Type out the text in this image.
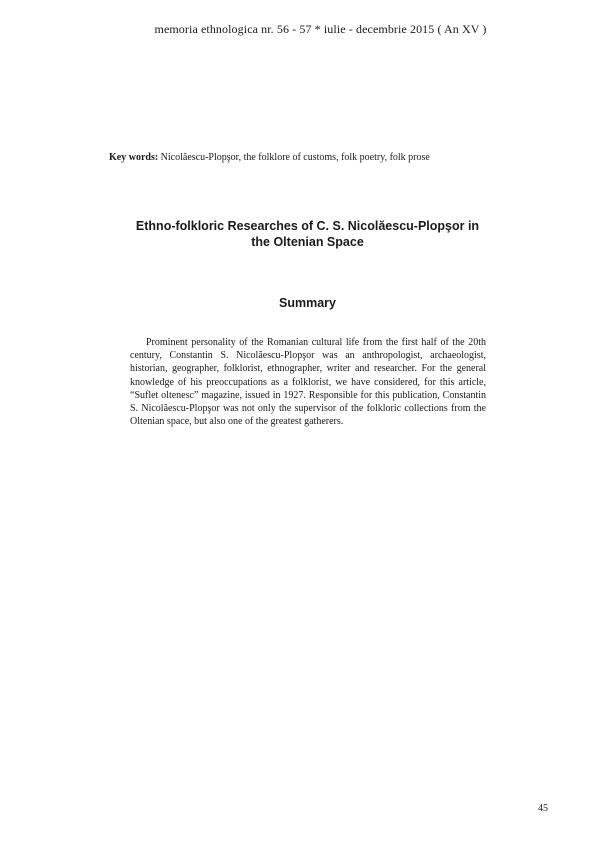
memoria ethnologica nr. 56 - 57 * iulie - decembrie 2015 ( An XV )
Key words: Nicolăescu-Plopşor, the folklore of customs, folk poetry, folk prose
Ethno-folkloric Researches of C. S. Nicolăescu-Plopşor in
the Oltenian Space
Summary

Prominent personality of the Romanian cultural life from the first half of the 20th century, Constantin S. Nicolăescu-Plopşor was an anthropologist, archaeologist, historian, geographer, folklorist, ethnographer, writer and researcher. For the general knowledge of his preoccupations as a folklorist, we have considered, for this article, “Suflet oltenesc” magazine, issued in 1927. Responsible for this publication, Constantin S. Nicolăescu-Plopşor was not only the supervisor of the folkloric collections from the Oltenian space, but also one of the greatest gatherers.

45
